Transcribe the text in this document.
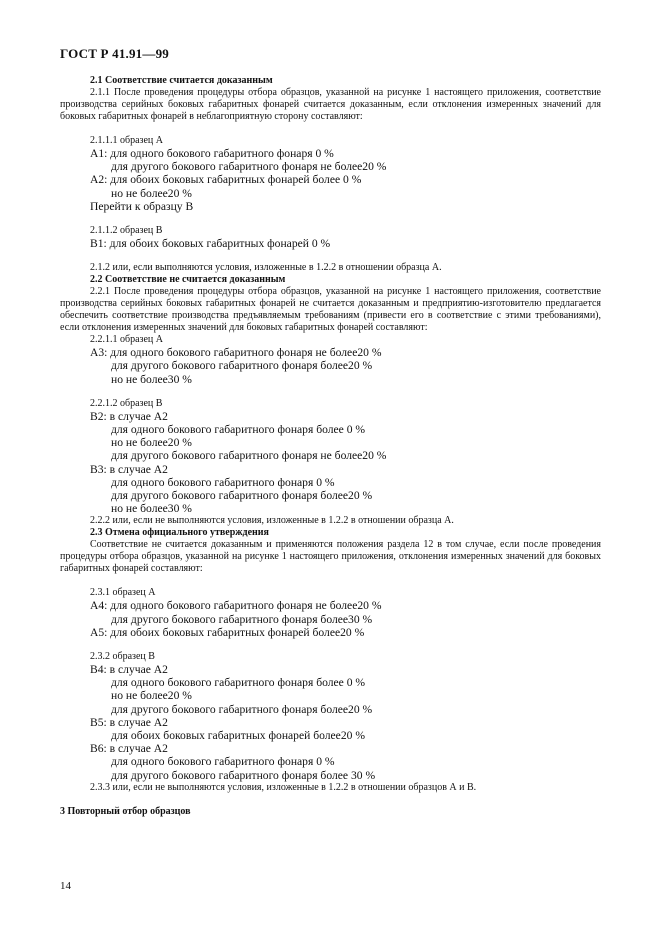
ГОСТ Р 41.91—99

2.1 Соответствие считается доказанным

2.1.1 После проведения процедуры отбора образцов, указанной на рисунке 1 настоящего приложения, соответствие производства серийных боковых габаритных фонарей считается доказанным, если отклонения измеренных значений для боковых габаритных фонарей в неблагоприятную сторону составляют:

2.1.1.1 образец A

A1: для одного бокового габаритного фонаря 0 %

для другого бокового габаритного фонаря не более20 %

A2: для обоих боковых габаритных фонарей более 0 %

но не более20 %

Перейти к образцу В

2.1.1.2 образец В

В1: для обоих боковых габаритных фонарей 0 %

2.1.2 или, если выполняются условия, изложенные в 1.2.2 в отношении образца А.

2.2 Соответствие не считается доказанным

2.2.1 После проведения процедуры отбора образцов, указанной на рисунке 1 настоящего приложения, соответствие производства серийных боковых габаритных фонарей не считается доказанным и предприятию-изготовителю предлагается обеспечить соответствие производства предъявляемым требованиям (привести его в соответствие с этими требованиями), если отклонения измеренных значений для боковых габаритных фонарей составляют:

2.2.1.1 образец А

A3: для одного бокового габаритного фонаря не более20 %

для другого бокового габаритного фонаря более20 %

но не более30 %

2.2.1.2 образец В

В2: в случае A2

для одного бокового габаритного фонаря более 0 %

но не более20 %

для другого бокового габаритного фонаря не более20 %

В3: в случае A2

для одного бокового габаритного фонаря 0 %

для другого бокового габаритного фонаря более20 %

но не более30 %

2.2.2 или, если не выполняются условия, изложенные в 1.2.2 в отношении образца А.

2.3 Отмена официального утверждения

Соответствие не считается доказанным и применяются положения раздела 12 в том случае, если после проведения процедуры отбора образцов, указанной на рисунке 1 настоящего приложения, отклонения измеренных значений для боковых габаритных фонарей составляют:

2.3.1 образец А

A4: для одного бокового габаритного фонаря не более20 %

для другого бокового габаритного фонаря более30 %

A5: для обоих боковых габаритных фонарей более20 %

2.3.2 образец В

В4: в случае A2

для одного бокового габаритного фонаря более 0 %

но не более20 %

для другого бокового габаритного фонаря более20 %

В5: в случае A2

для обоих боковых габаритных фонарей более20 %

В6: в случае A2

для одного бокового габаритного фонаря 0 %

для другого бокового габаритного фонаря более 30 %

2.3.3 или, если не выполняются условия, изложенные в 1.2.2 в отношении образцов А и В.

3 Повторный отбор образцов

14
